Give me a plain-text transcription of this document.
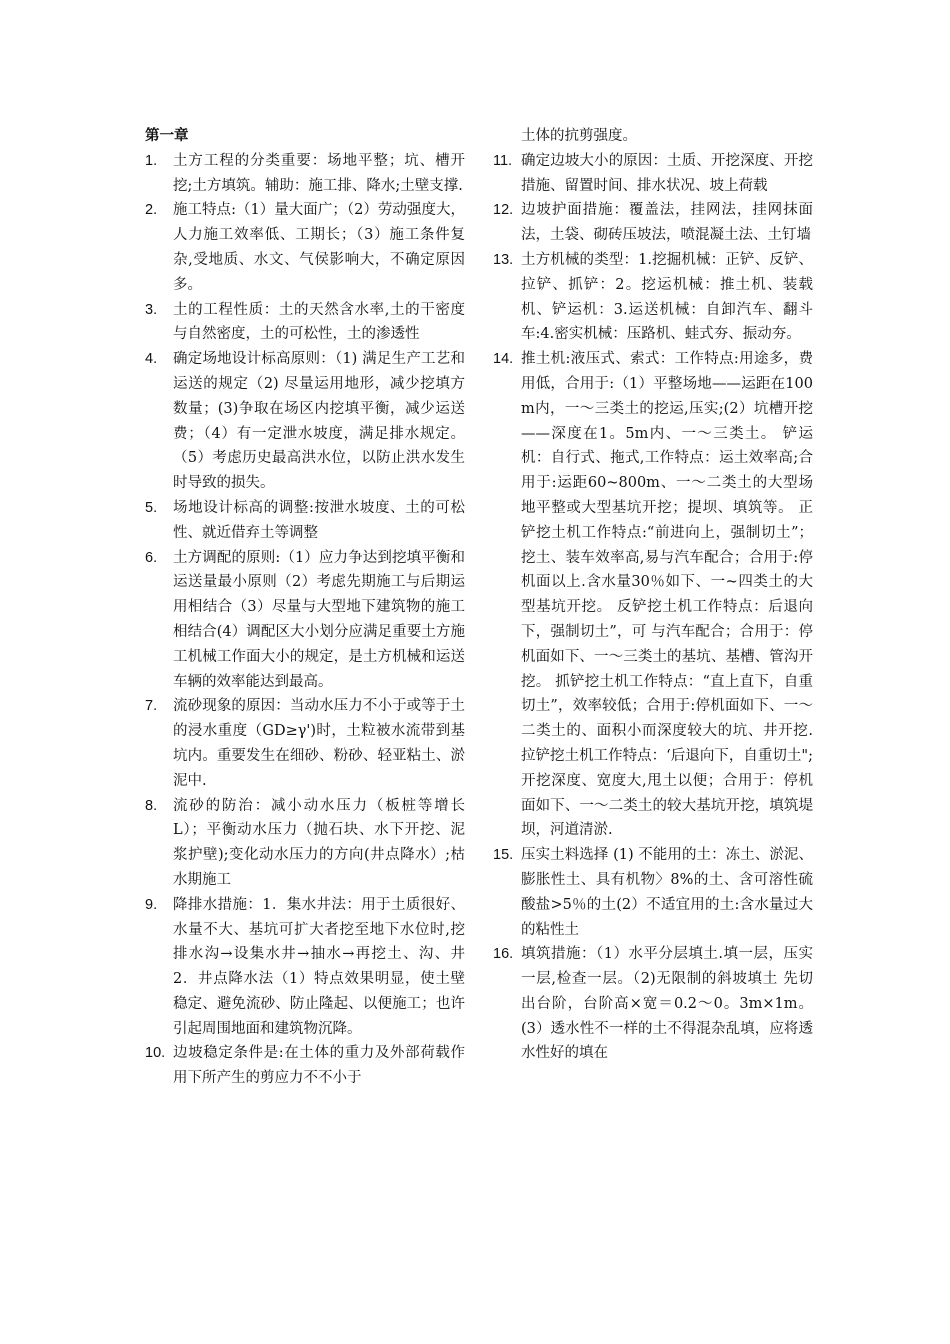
第一章
1.	土方工程的分类重要：场地平整；坑、槽开挖;土方填筑。辅助：施工排、降水;土壁支撑.
2.	施工特点:（1）量大面广；（2）劳动强度大，人力施工效率低、工期长；（3）施工条件复杂,受地质、水文、气侯影响大，不确定原因多。
3.	土的工程性质：土的天然含水率,土的干密度与自然密度，土的可松性，土的渗透性
4.	确定场地设计标高原则：（1) 满足生产工艺和运送的规定（2) 尽量运用地形，减少挖填方数量；(3)争取在场区内挖填平衡，减少运送费；（4）有一定泄水坡度，满足排水规定。（5）考虑历史最高洪水位，以防止洪水发生时导致的损失。
5.	场地设计标高的调整:按泄水坡度、土的可松性、就近借弃土等调整
6.	土方调配的原则:（1）应力争达到挖填平衡和运送量最小原则（2）考虑先期施工与后期运用相结合（3）尽量与大型地下建筑物的施工相结合(4）调配区大小划分应满足重要土方施工机械工作面大小的规定，是土方机械和运送车辆的效率能达到最高。
7.	流砂现象的原因：当动水压力不小于或等于土的浸水重度（GD≥γ')时，土粒被水流带到基坑内。重要发生在细砂、粉砂、轻亚粘土、淤泥中.
8.	流砂的防治：减小动水压力（板桩等增长L）；平衡动水压力（抛石块、水下开挖、泥浆护壁);变化动水压力的方向(井点降水）;枯水期施工
9.	降排水措施：1．集水井法：用于土质很好、水量不大、基坑可扩大者挖至地下水位时,挖排水沟→设集水井→抽水→再挖土、沟、井 2．井点降水法（1）特点效果明显，使土壁稳定、避免流砂、防止隆起、以便施工；也许引起周围地面和建筑物沉降。
10. 边坡稳定条件是:在土体的重力及外部荷载作用下所产生的剪应力不不小于
土体的抗剪强度。
11. 确定边坡大小的原因：土质、开挖深度、开挖措施、留置时间、排水状况、坡上荷载
12. 边坡护面措施：覆盖法，挂网法，挂网抹面法，土袋、砌砖压坡法，喷混凝土法、土钉墙
13. 土方机械的类型：1.挖掘机械：正铲、反铲、拉铲、抓铲：2。挖运机械：推土机、装载机、铲运机：3.运送机械：自卸汽车、翻斗车:4.密实机械：压路机、蛙式夯、振动夯。
14. 推土机:液压式、索式：工作特点:用途多，费用低，合用于:（1）平整场地——运距在100m内，一～三类土的挖运,压实;(2）坑槽开挖——深度在1。5m内、一～三类土。 铲运机：自行式、拖式,工作特点：运土效率高;合用于:运距60~800m、一～二类土的大型场地平整或大型基坑开挖；提坝、填筑等。 正铲挖土机工作特点:“前进向上，强制切土”；挖土、装车效率高,易与汽车配合；合用于:停机面以上.含水量30％如下、一~四类土的大型基坑开挖。 反铲挖土机工作特点：后退向下，强制切土”，可 与汽车配合；合用于：停机面如下、一～三类土的基坑、基槽、管沟开挖。 抓铲挖土机工作特点：“直上直下，自重切土”，效率较低；合用于:停机面如下、一～二类土的、面积小而深度较大的坑、井开挖. 拉铲挖土机工作特点：‘后退向下，自重切土";开挖深度、宽度大,甩土以便；合用于：停机面如下、一～二类土的较大基坑开挖，填筑堤坝，河道清淤.
15. 压实土料选择 (1) 不能用的土：冻土、淤泥、膨胀性土、具有机物〉8%的土、含可溶性硫酸盐>5％的土(2）不适宜用的土:含水量过大的粘性土
16. 填筑措施：（1）水平分层填土.填一层，压实一层,检查一层。（2)无限制的斜坡填土 先切出台阶，台阶高×宽＝0.2～0。3m×1m。(3）透水性不一样的土不得混杂乱填，应将透水性好的填在
